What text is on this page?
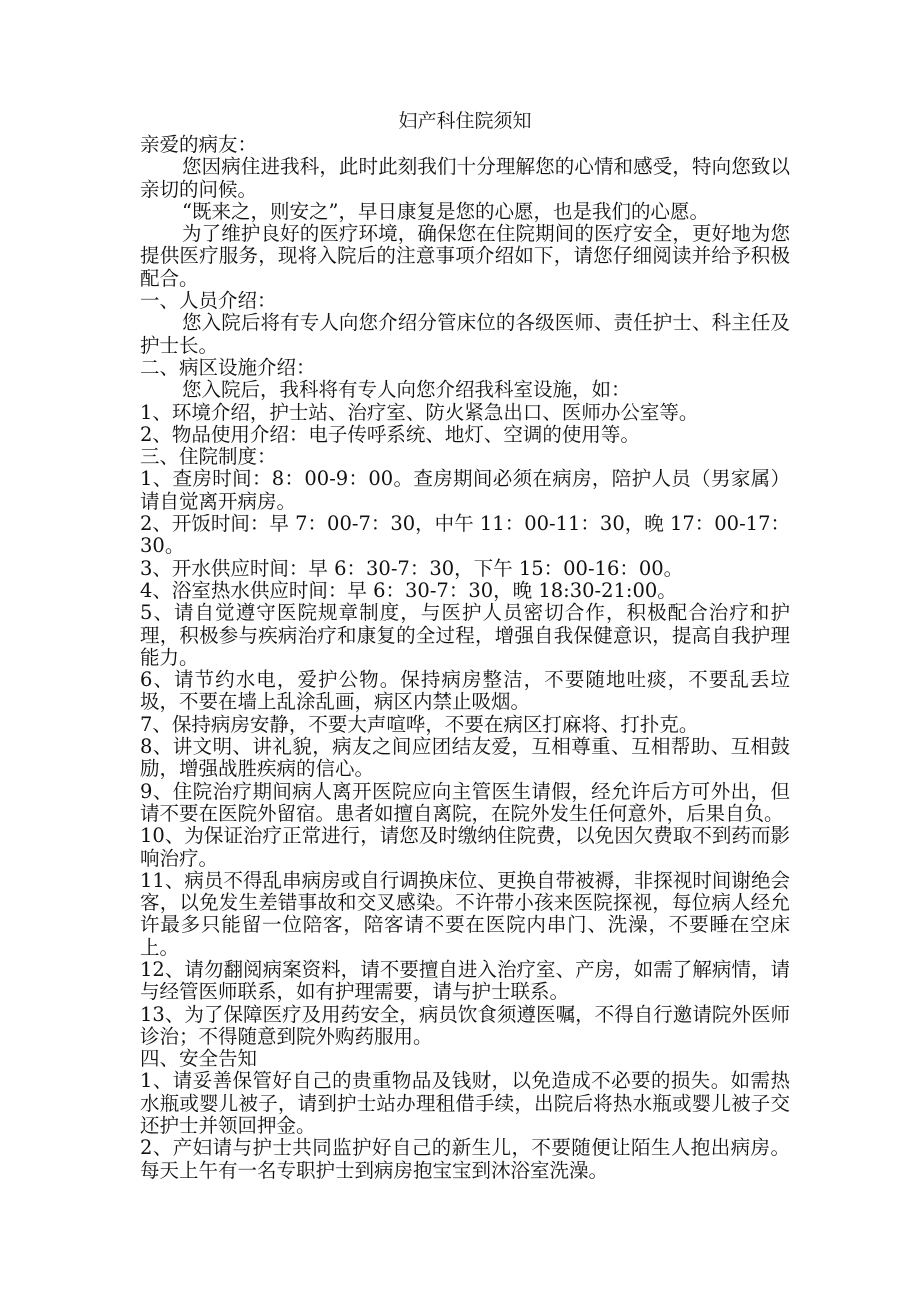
妇产科住院须知

亲爱的病友：

您因病住进我科，此时此刻我们十分理解您的心情和感受，特向您致以亲切的问候。

“既来之，则安之”，早日康复是您的心愿，也是我们的心愿。

为了维护良好的医疗环境，确保您在住院期间的医疗安全，更好地为您提供医疗服务，现将入院后的注意事项介绍如下，请您仔细阅读并给予积极配合。

一、人员介绍：

您入院后将有专人向您介绍分管床位的各级医师、责任护士、科主任及护士长。

二、病区设施介绍：

您入院后，我科将有专人向您介绍我科室设施，如：

1、环境介绍，护士站、治疗室、防火紧急出口、医师办公室等。

2、物品使用介绍：电子传呼系统、地灯、空调的使用等。

三、住院制度：

1、查房时间：8：00-9：00。查房期间必须在病房，陪护人员（男家属）请自觉离开病房。

2、开饭时间：早 7：00-7：30，中午 11：00-11：30，晚 17：00-17：30。

3、开水供应时间：早 6：30-7：30，下午 15：00-16：00。

4、浴室热水供应时间：早 6：30-7：30，晚 18:30-21:00。

5、请自觉遵守医院规章制度，与医护人员密切合作，积极配合治疗和护理，积极参与疾病治疗和康复的全过程，增强自我保健意识，提高自我护理能力。

6、请节约水电，爱护公物。保持病房整洁，不要随地吐痰，不要乱丢垃圾，不要在墙上乱涂乱画，病区内禁止吸烟。

7、保持病房安静，不要大声喧哗，不要在病区打麻将、打扑克。

8、讲文明、讲礼貌，病友之间应团结友爱，互相尊重、互相帮助、互相鼓励，增强战胜疾病的信心。

9、住院治疗期间病人离开医院应向主管医生请假，经允许后方可外出，但请不要在医院外留宿。患者如擅自离院，在院外发生任何意外，后果自负。

10、为保证治疗正常进行，请您及时缴纳住院费，以免因欠费取不到药而影响治疗。

11、病员不得乱串病房或自行调换床位、更换自带被褥，非探视时间谢绝会客，以免发生差错事故和交叉感染。不许带小孩来医院探视，每位病人经允许最多只能留一位陪客，陪客请不要在医院内串门、洗澡，不要睡在空床上。

12、请勿翻阅病案资料，请不要擅自进入治疗室、产房，如需了解病情，请与经管医师联系，如有护理需要，请与护士联系。

13、为了保障医疗及用药安全，病员饮食须遵医嘱，不得自行邀请院外医师诊治；不得随意到院外购药服用。

四、安全告知

1、请妥善保管好自己的贵重物品及钱财，以免造成不必要的损失。如需热水瓶或婴儿被子，请到护士站办理租借手续，出院后将热水瓶或婴儿被子交还护士并领回押金。

2、产妇请与护士共同监护好自己的新生儿，不要随便让陌生人抱出病房。每天上午有一名专职护士到病房抱宝宝到沐浴室洗澡。
